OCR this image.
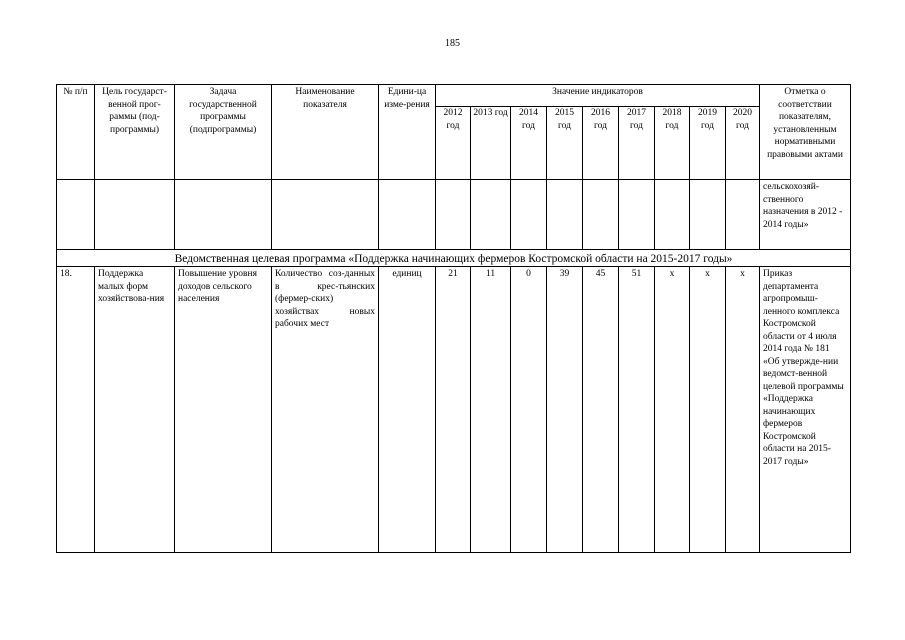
185
№ п/п	Цель государст-венной прог-раммы (под-программы)	Задача государственной программы (подпрограммы)	Наименование показателя	Едини-ца изме-рения	Значение индикаторов									Отметка о соответствии показателям, установленным нормативными правовыми актами
					2012 год	2013 год	2014 год	2015 год	2016 год	2017 год	2018 год	2019 год	2020 год	
														сельскохозяй-ственного назначения в 2012 - 2014 годы»
Ведомственная целевая программа «Поддержка начинающих фермеров Костромской области на 2015-2017 годы»														
18.	Поддержка малых форм хозяйствова-ния	Повышение уровня доходов сельского населения	Количество соз-данных в крес-тьянских (фермер-ских) хозяйствах новых рабочих мест	единиц	21	11	0	39	45	51	х	х	х	Приказ департамента агропромыш-ленного комплекса Костромской области от 4 июля 2014 года № 181 «Об утвержде-нии ведомст-венной целевой программы «Поддержка начинающих фермеров Костромской области на 2015-2017 годы»
